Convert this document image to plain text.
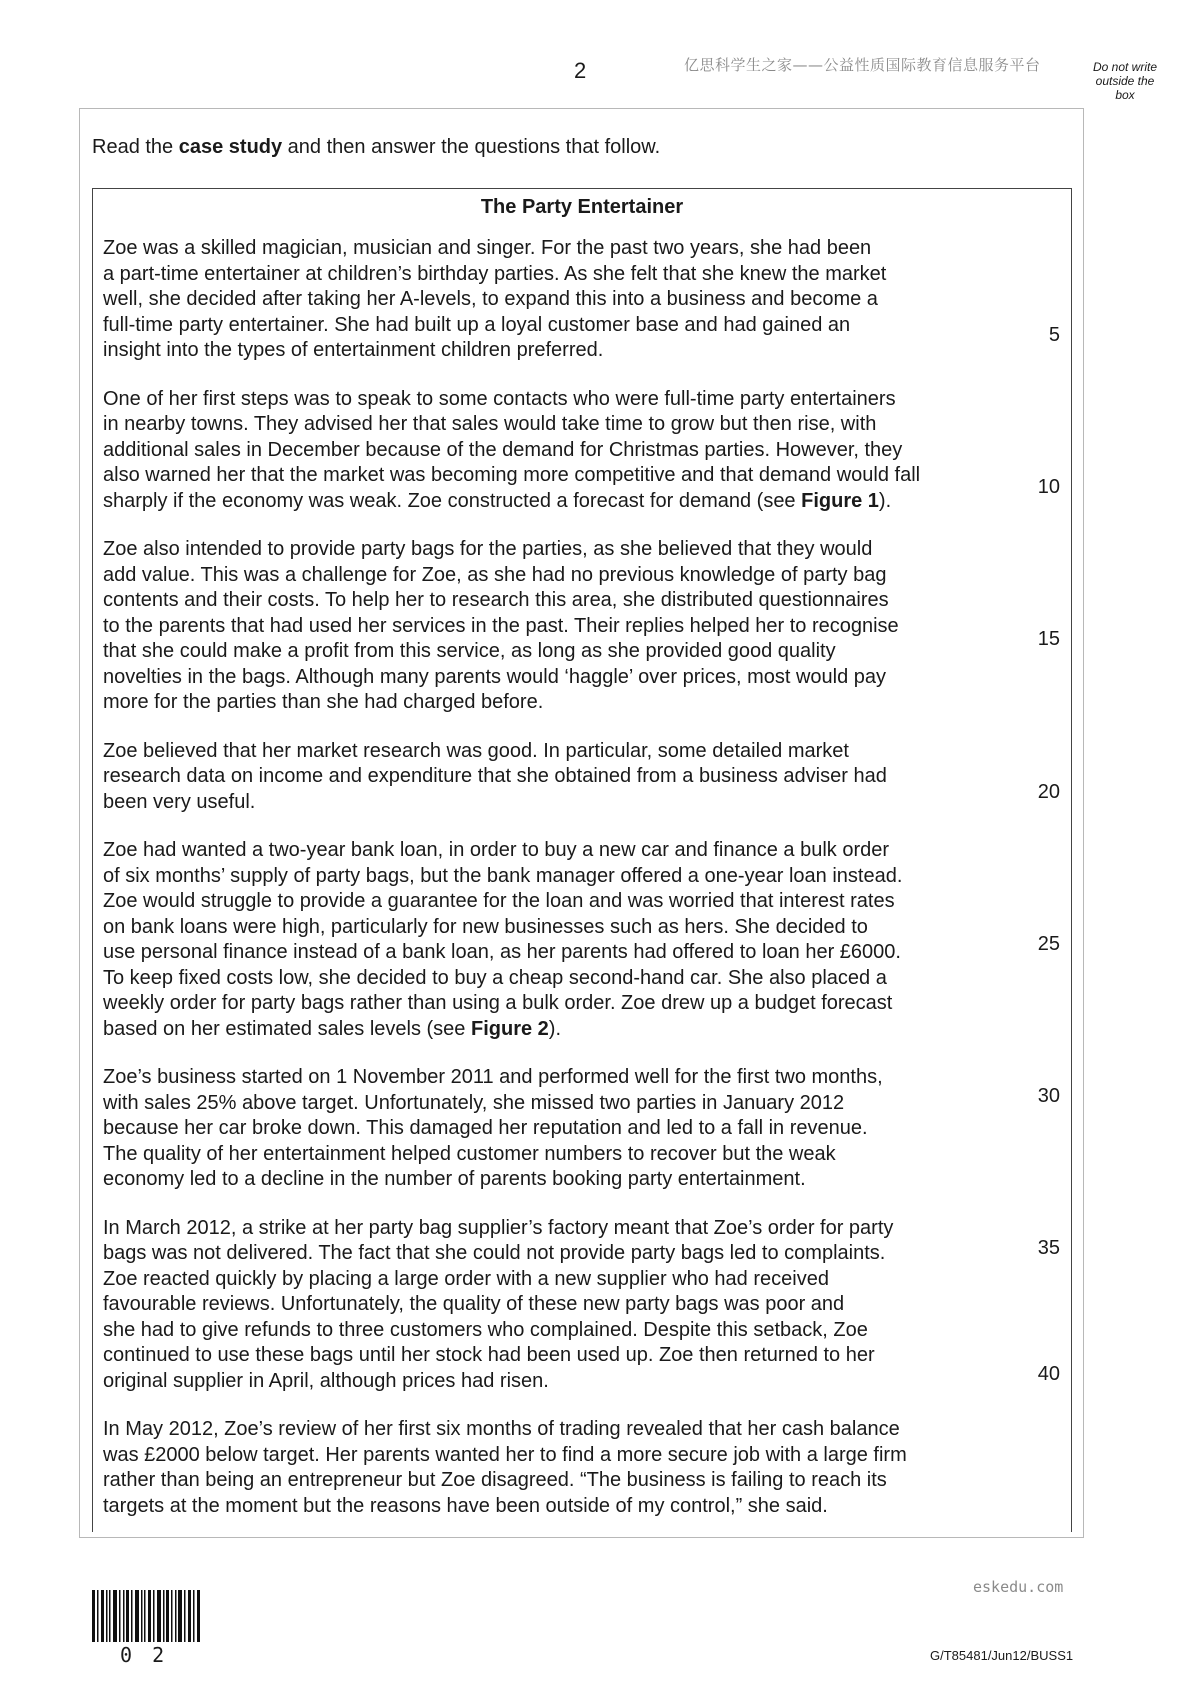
2	亿思科学生之家——公益性质国际教育信息服务平台	Do not write
outside the
box
Read the case study and then answer the questions that follow.
The Party Entertainer
Zoe was a skilled magician, musician and singer. For the past two years, she had been
a part-time entertainer at children’s birthday parties. As she felt that she knew the market
well, she decided after taking her A-levels, to expand this into a business and become a
full-time party entertainer. She had built up a loyal customer base and had gained an
insight into the types of entertainment children preferred.
One of her first steps was to speak to some contacts who were full-time party entertainers
in nearby towns. They advised her that sales would take time to grow but then rise, with
additional sales in December because of the demand for Christmas parties. However, they
also warned her that the market was becoming more competitive and that demand would fall
sharply if the economy was weak. Zoe constructed a forecast for demand (see Figure 1).
Zoe also intended to provide party bags for the parties, as she believed that they would
add value. This was a challenge for Zoe, as she had no previous knowledge of party bag
contents and their costs. To help her to research this area, she distributed questionnaires
to the parents that had used her services in the past. Their replies helped her to recognise
that she could make a profit from this service, as long as she provided good quality
novelties in the bags. Although many parents would ‘haggle’ over prices, most would pay
more for the parties than she had charged before.
Zoe believed that her market research was good. In particular, some detailed market
research data on income and expenditure that she obtained from a business adviser had
been very useful.
Zoe had wanted a two-year bank loan, in order to buy a new car and finance a bulk order
of six months’ supply of party bags, but the bank manager offered a one-year loan instead.
Zoe would struggle to provide a guarantee for the loan and was worried that interest rates
on bank loans were high, particularly for new businesses such as hers. She decided to
use personal finance instead of a bank loan, as her parents had offered to loan her £6000.
To keep fixed costs low, she decided to buy a cheap second-hand car. She also placed a
weekly order for party bags rather than using a bulk order. Zoe drew up a budget forecast
based on her estimated sales levels (see Figure 2).
Zoe’s business started on 1 November 2011 and performed well for the first two months,
with sales 25% above target. Unfortunately, she missed two parties in January 2012
because her car broke down. This damaged her reputation and led to a fall in revenue.
The quality of her entertainment helped customer numbers to recover but the weak
economy led to a decline in the number of parents booking party entertainment.
In March 2012, a strike at her party bag supplier’s factory meant that Zoe’s order for party
bags was not delivered. The fact that she could not provide party bags led to complaints.
Zoe reacted quickly by placing a large order with a new supplier who had received
favourable reviews. Unfortunately, the quality of these new party bags was poor and
she had to give refunds to three customers who complained. Despite this setback, Zoe
continued to use these bags until her stock had been used up. Zoe then returned to her
original supplier in April, although prices had risen.
In May 2012, Zoe’s review of her first six months of trading revealed that her cash balance
was £2000 below target. Her parents wanted her to find a more secure job with a large firm
rather than being an entrepreneur but Zoe disagreed. “The business is failing to reach its
targets at the moment but the reasons have been outside of my control,” she said.
5
10
15
20
25
30
35
40
0 2
eskedu.com
G/T85481/Jun12/BUSS1
